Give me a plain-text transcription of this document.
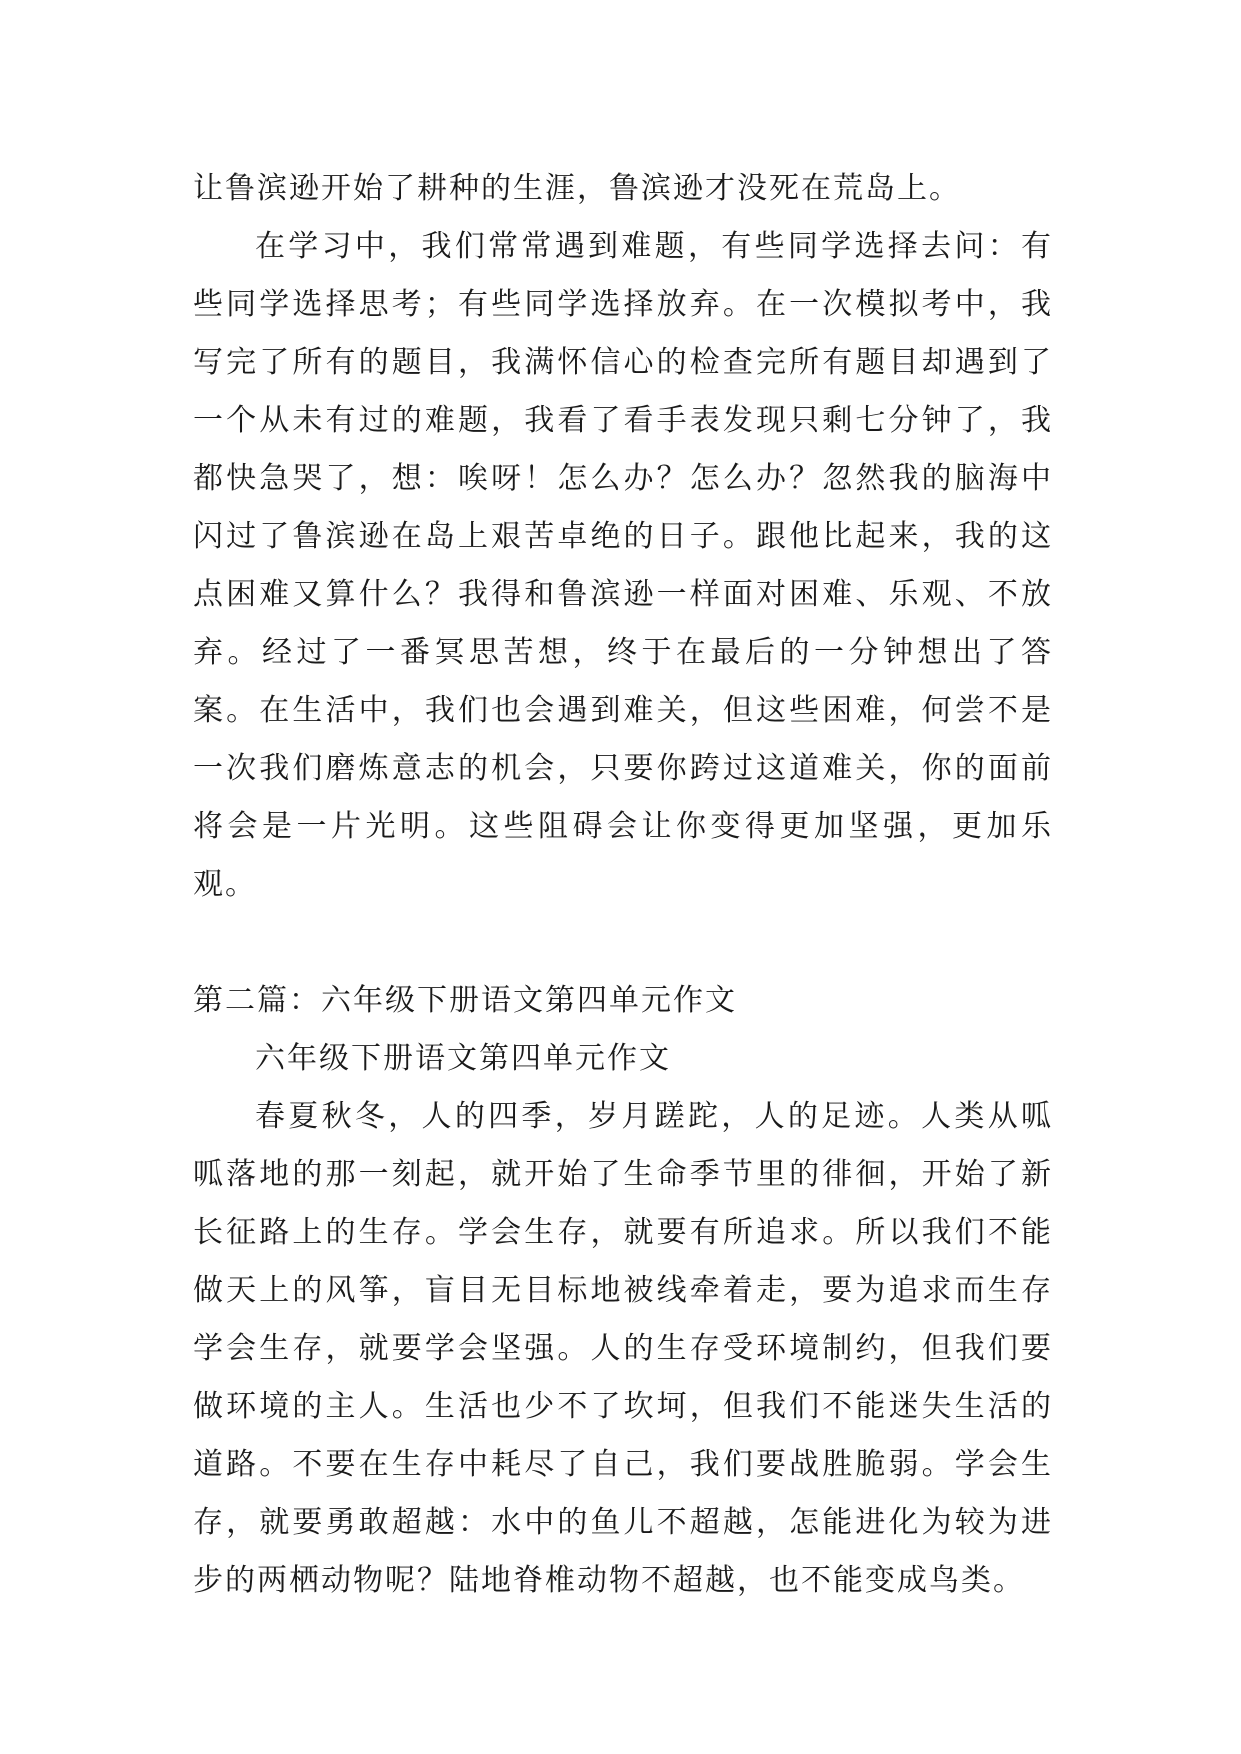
让鲁滨逊开始了耕种的生涯，鲁滨逊才没死在荒岛上。

在学习中，我们常常遇到难题，有些同学选择去问：有些同学选择思考；有些同学选择放弃。在一次模拟考中，我写完了所有的题目，我满怀信心的检查完所有题目却遇到了一个从未有过的难题，我看了看手表发现只剩七分钟了，我都快急哭了，想：唉呀！怎么办？怎么办？忽然我的脑海中闪过了鲁滨逊在岛上艰苦卓绝的日子。跟他比起来，我的这点困难又算什么？我得和鲁滨逊一样面对困难、乐观、不放弃。经过了一番冥思苦想，终于在最后的一分钟想出了答案。在生活中，我们也会遇到难关，但这些困难，何尝不是一次我们磨炼意志的机会，只要你跨过这道难关，你的面前将会是一片光明。这些阻碍会让你变得更加坚强，更加乐观。

第二篇：六年级下册语文第四单元作文

六年级下册语文第四单元作文

春夏秋冬，人的四季，岁月蹉跎，人的足迹。人类从呱呱落地的那一刻起，就开始了生命季节里的徘徊，开始了新长征路上的生存。学会生存，就要有所追求。所以我们不能做天上的风筝，盲目无目标地被线牵着走，要为追求而生存学会生存，就要学会坚强。人的生存受环境制约，但我们要做环境的主人。生活也少不了坎坷，但我们不能迷失生活的道路。不要在生存中耗尽了自己，我们要战胜脆弱。学会生存，就要勇敢超越：水中的鱼儿不超越，怎能进化为较为进步的两栖动物呢？陆地脊椎动物不超越，也不能变成鸟类。
